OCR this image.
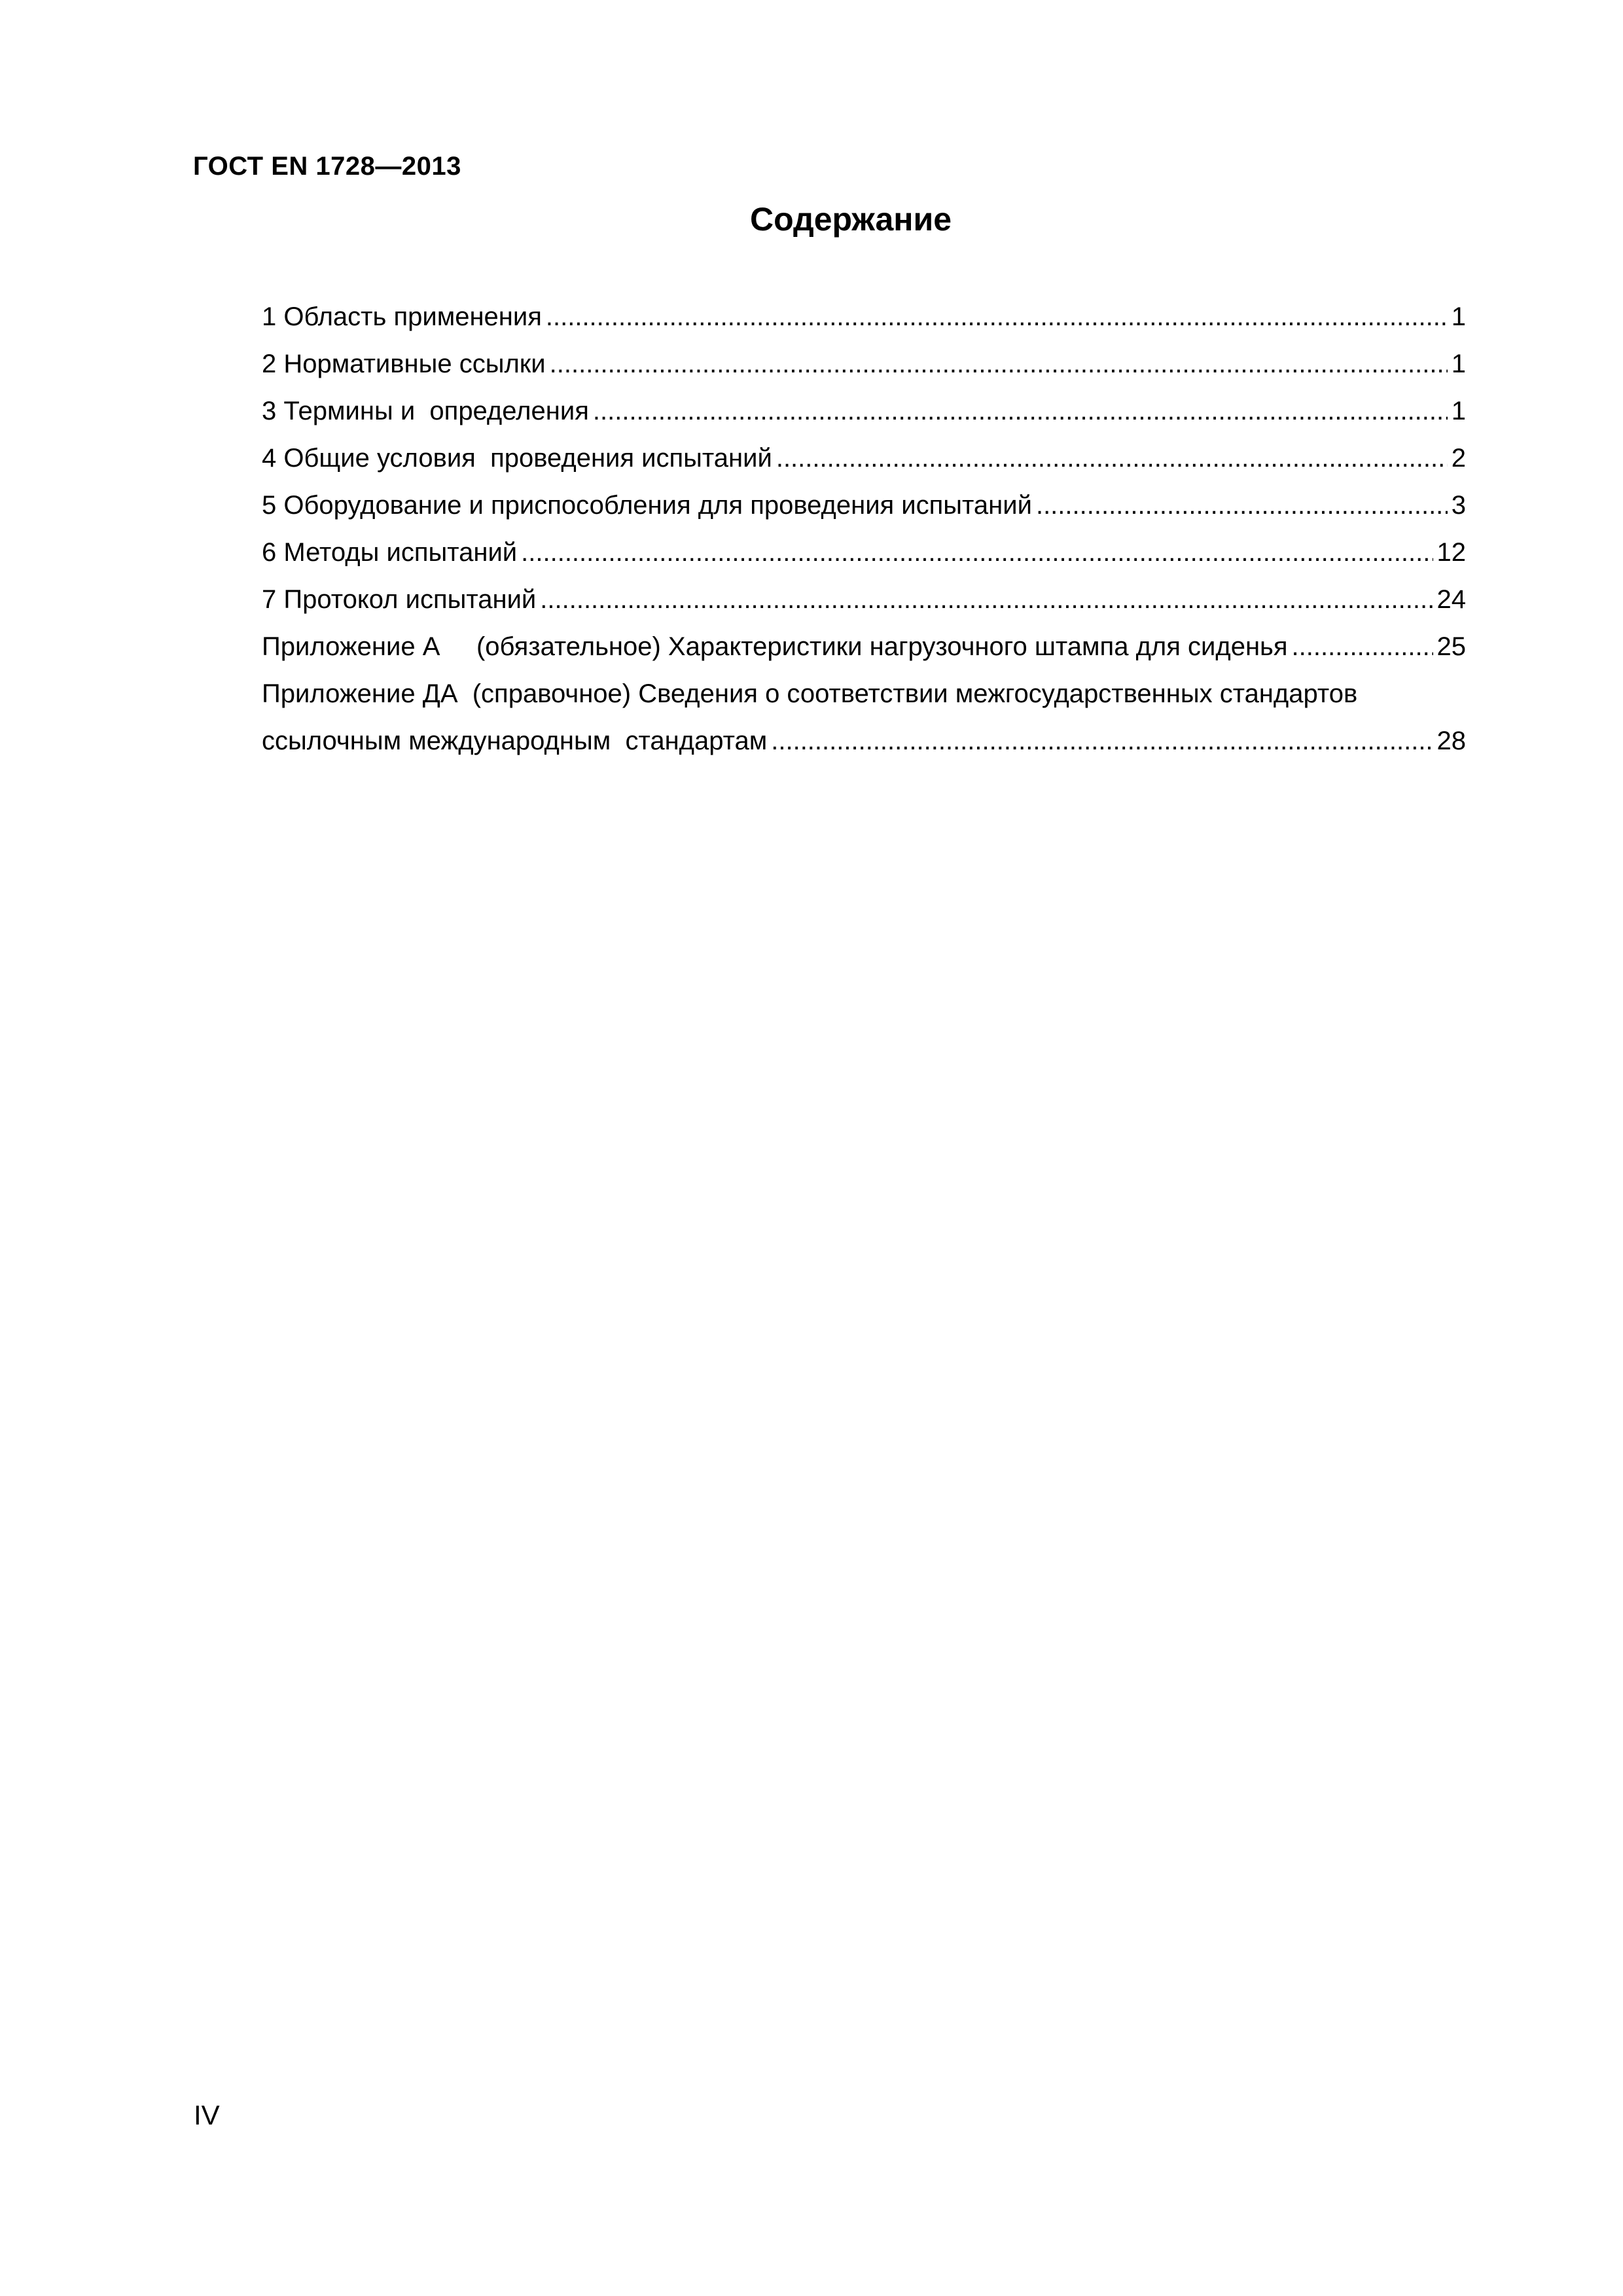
ГОСТ EN 1728—2013
Содержание
1 Область применения .....	1
2 Нормативные ссылки .....	1
3 Термины и  определения .....	1
4 Общие условия  проведения испытаний .....	2
5 Оборудование и приспособления для проведения испытаний .....	3
6 Методы испытаний .....	12
7 Протокол испытаний .....	24
Приложение А     (обязательное) Характеристики нагрузочного штампа для сиденья .....	25
Приложение ДА  (справочное) Сведения о соответствии межгосударственных стандартов
ссылочным международным  стандартам .....	28
IV
